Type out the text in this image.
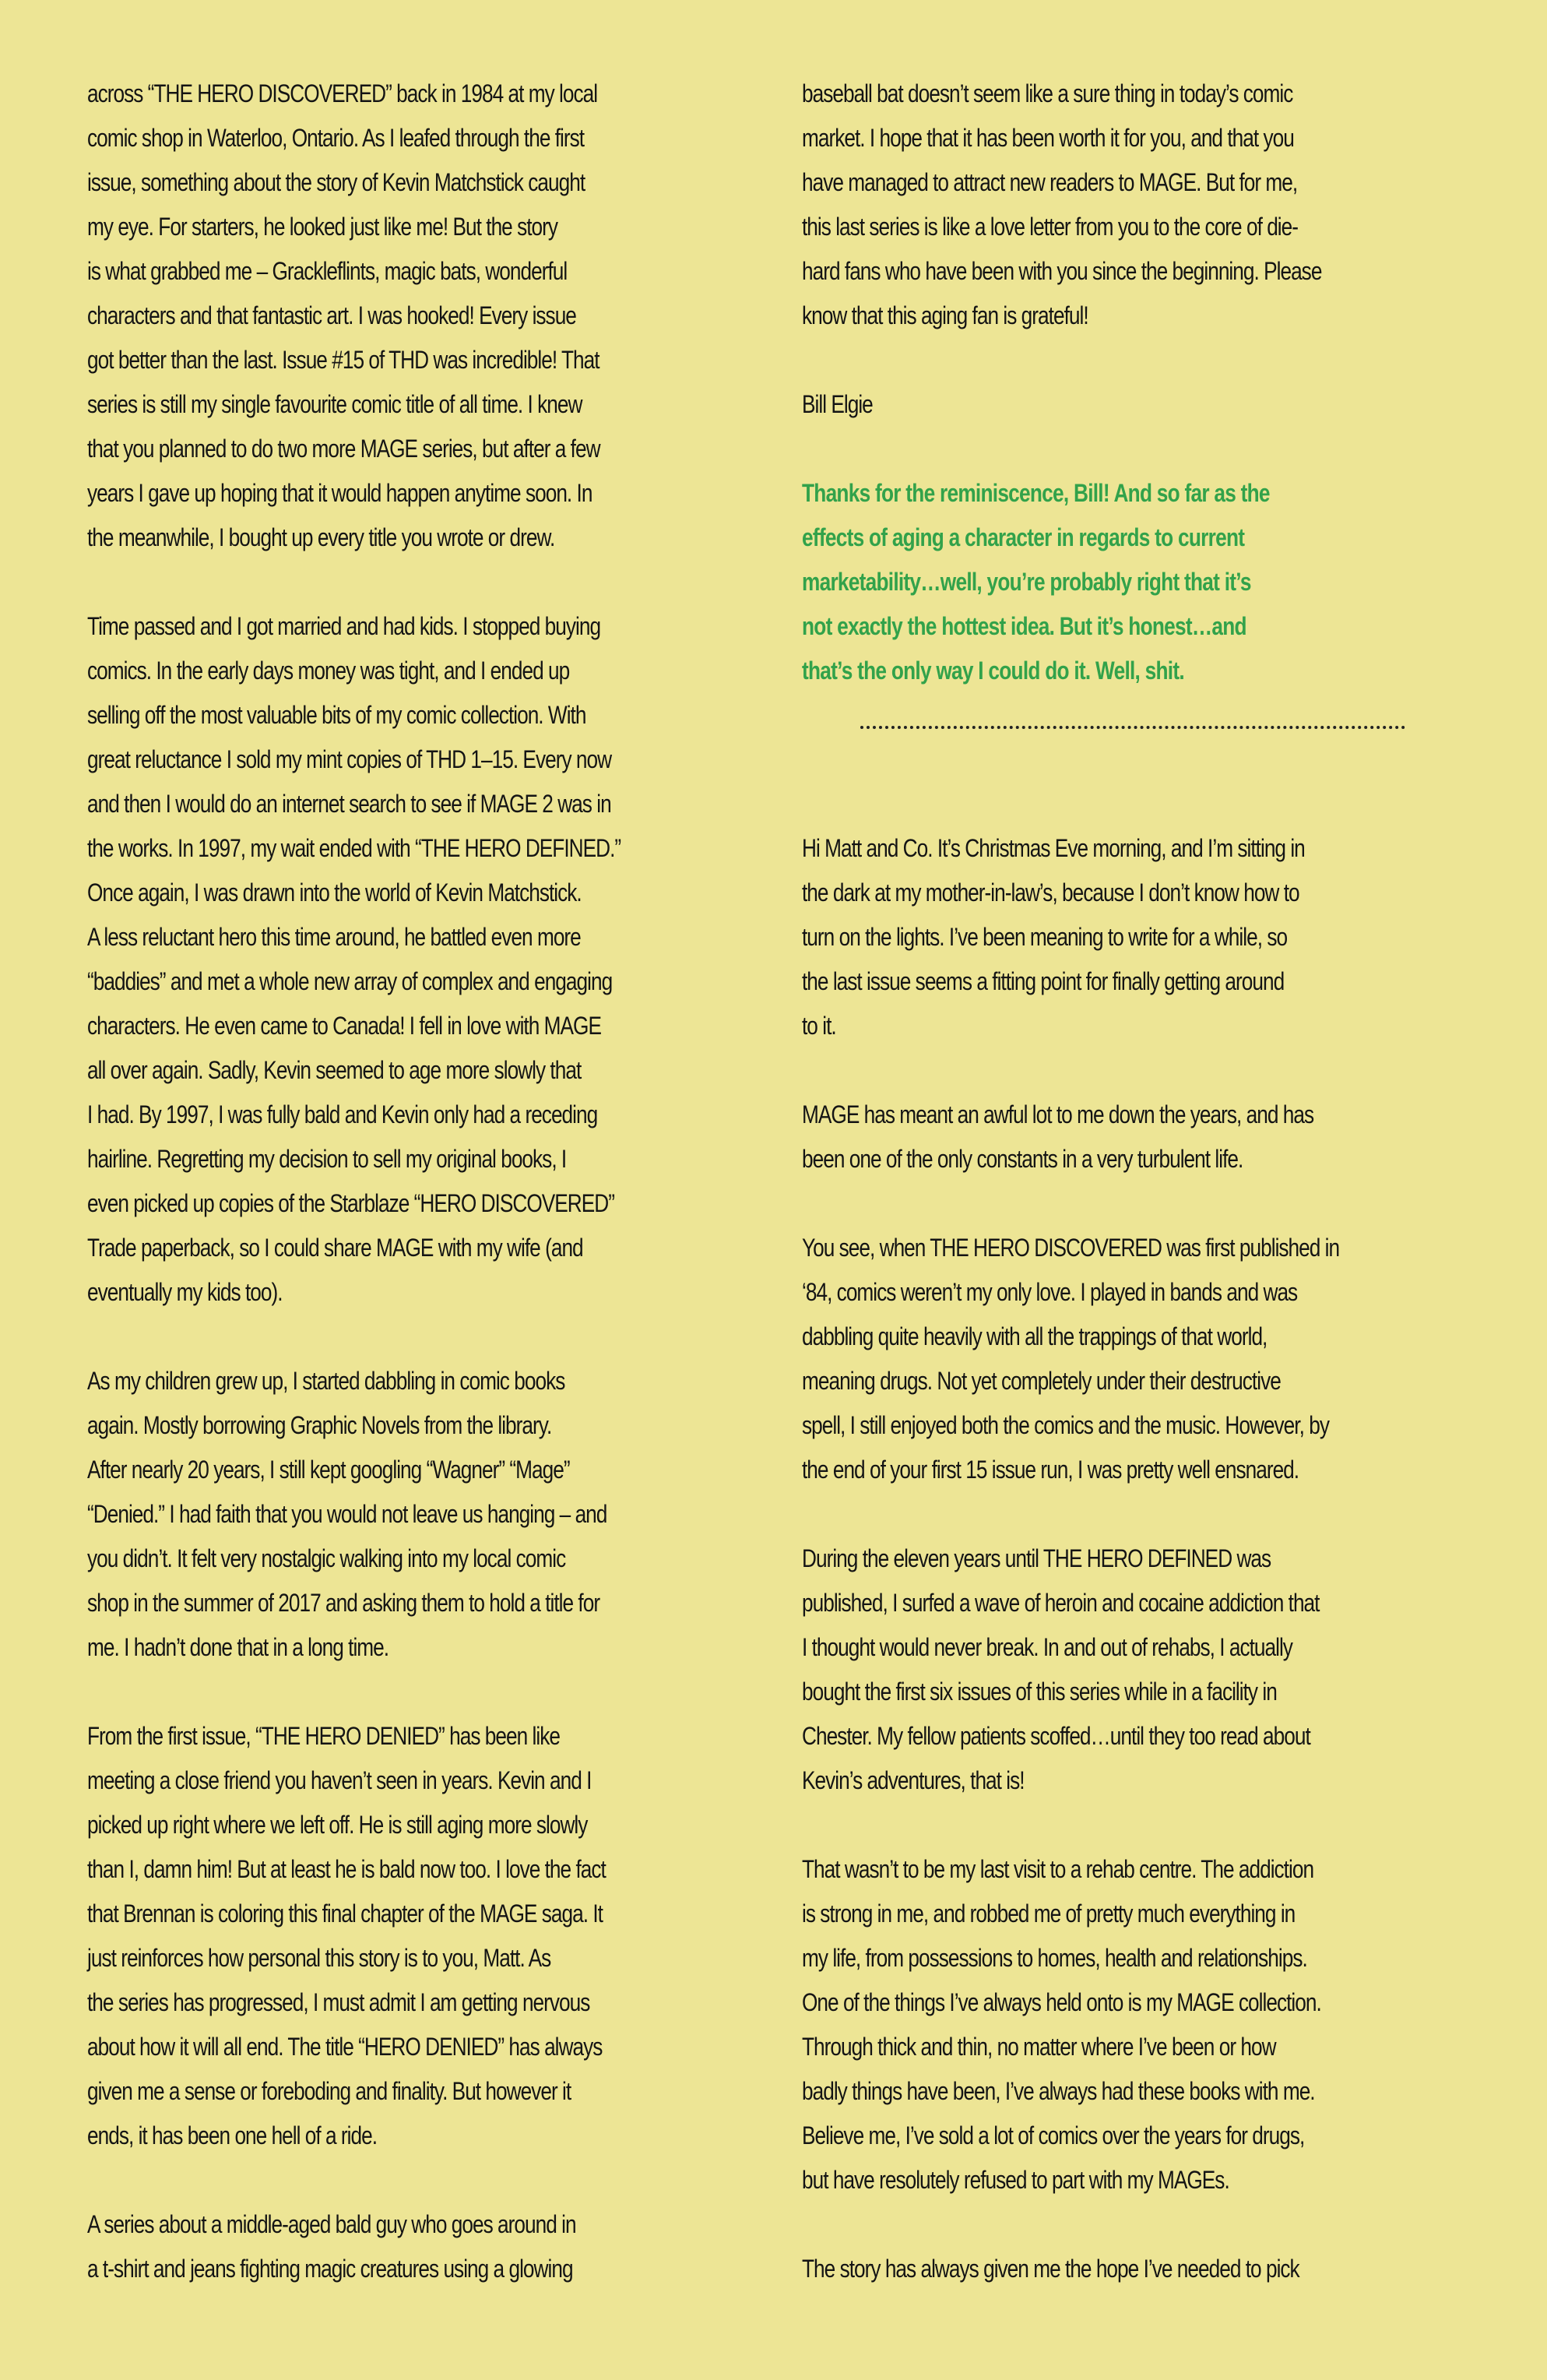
across “THE HERO DISCOVERED” back in 1984 at my local
comic shop in Waterloo, Ontario. As I leafed through the first
issue, something about the story of Kevin Matchstick caught
my eye. For starters, he looked just like me! But the story
is what grabbed me – Grackleflints, magic bats, wonderful
characters and that fantastic art. I was hooked! Every issue
got better than the last. Issue #15 of THD was incredible! That
series is still my single favourite comic title of all time. I knew
that you planned to do two more MAGE series, but after a few
years I gave up hoping that it would happen anytime soon. In
the meanwhile, I bought up every title you wrote or drew.
Time passed and I got married and had kids. I stopped buying
comics. In the early days money was tight, and I ended up
selling off the most valuable bits of my comic collection. With
great reluctance I sold my mint copies of THD 1–15. Every now
and then I would do an internet search to see if MAGE 2 was in
the works. In 1997, my wait ended with “THE HERO DEFINED.”
Once again, I was drawn into the world of Kevin Matchstick.
A less reluctant hero this time around, he battled even more
“baddies” and met a whole new array of complex and engaging
characters. He even came to Canada! I fell in love with MAGE
all over again. Sadly, Kevin seemed to age more slowly that
I had. By 1997, I was fully bald and Kevin only had a receding
hairline. Regretting my decision to sell my original books, I
even picked up copies of the Starblaze “HERO DISCOVERED”
Trade paperback, so I could share MAGE with my wife (and
eventually my kids too).
As my children grew up, I started dabbling in comic books
again. Mostly borrowing Graphic Novels from the library.
After nearly 20 years, I still kept googling “Wagner” “Mage”
“Denied.” I had faith that you would not leave us hanging – and
you didn’t. It felt very nostalgic walking into my local comic
shop in the summer of 2017 and asking them to hold a title for
me. I hadn’t done that in a long time.
From the first issue, “THE HERO DENIED” has been like
meeting a close friend you haven’t seen in years. Kevin and I
picked up right where we left off. He is still aging more slowly
than I, damn him! But at least he is bald now too. I love the fact
that Brennan is coloring this final chapter of the MAGE saga. It
just reinforces how personal this story is to you, Matt. As
the series has progressed, I must admit I am getting nervous
about how it will all end. The title “HERO DENIED” has always
given me a sense or foreboding and finality. But however it
ends, it has been one hell of a ride.
A series about a middle-aged bald guy who goes around in
a t-shirt and jeans fighting magic creatures using a glowing
baseball bat doesn’t seem like a sure thing in today’s comic
market. I hope that it has been worth it for you, and that you
have managed to attract new readers to MAGE. But for me,
this last series is like a love letter from you to the core of die-
hard fans who have been with you since the beginning. Please
know that this aging fan is grateful!
Bill Elgie
Thanks for the reminiscence, Bill! And so far as the
effects of aging a character in regards to current
marketability…well, you’re probably right that it’s
not exactly the hottest idea. But it’s honest…and
that’s the only way I could do it. Well, shit.
Hi Matt and Co. It’s Christmas Eve morning, and I’m sitting in
the dark at my mother-in-law’s, because I don’t know how to
turn on the lights. I’ve been meaning to write for a while, so
the last issue seems a fitting point for finally getting around
to it.
MAGE has meant an awful lot to me down the years, and has
been one of the only constants in a very turbulent life.
You see, when THE HERO DISCOVERED was first published in
‘84, comics weren’t my only love. I played in bands and was
dabbling quite heavily with all the trappings of that world,
meaning drugs. Not yet completely under their destructive
spell, I still enjoyed both the comics and the music. However, by
the end of your first 15 issue run, I was pretty well ensnared.
During the eleven years until THE HERO DEFINED was
published, I surfed a wave of heroin and cocaine addiction that
I thought would never break. In and out of rehabs, I actually
bought the first six issues of this series while in a facility in
Chester. My fellow patients scoffed…until they too read about
Kevin’s adventures, that is!
That wasn’t to be my last visit to a rehab centre. The addiction
is strong in me, and robbed me of pretty much everything in
my life, from possessions to homes, health and relationships.
One of the things I’ve always held onto is my MAGE collection.
Through thick and thin, no matter where I’ve been or how
badly things have been, I’ve always had these books with me.
Believe me, I’ve sold a lot of comics over the years for drugs,
but have resolutely refused to part with my MAGEs.
The story has always given me the hope I’ve needed to pick
